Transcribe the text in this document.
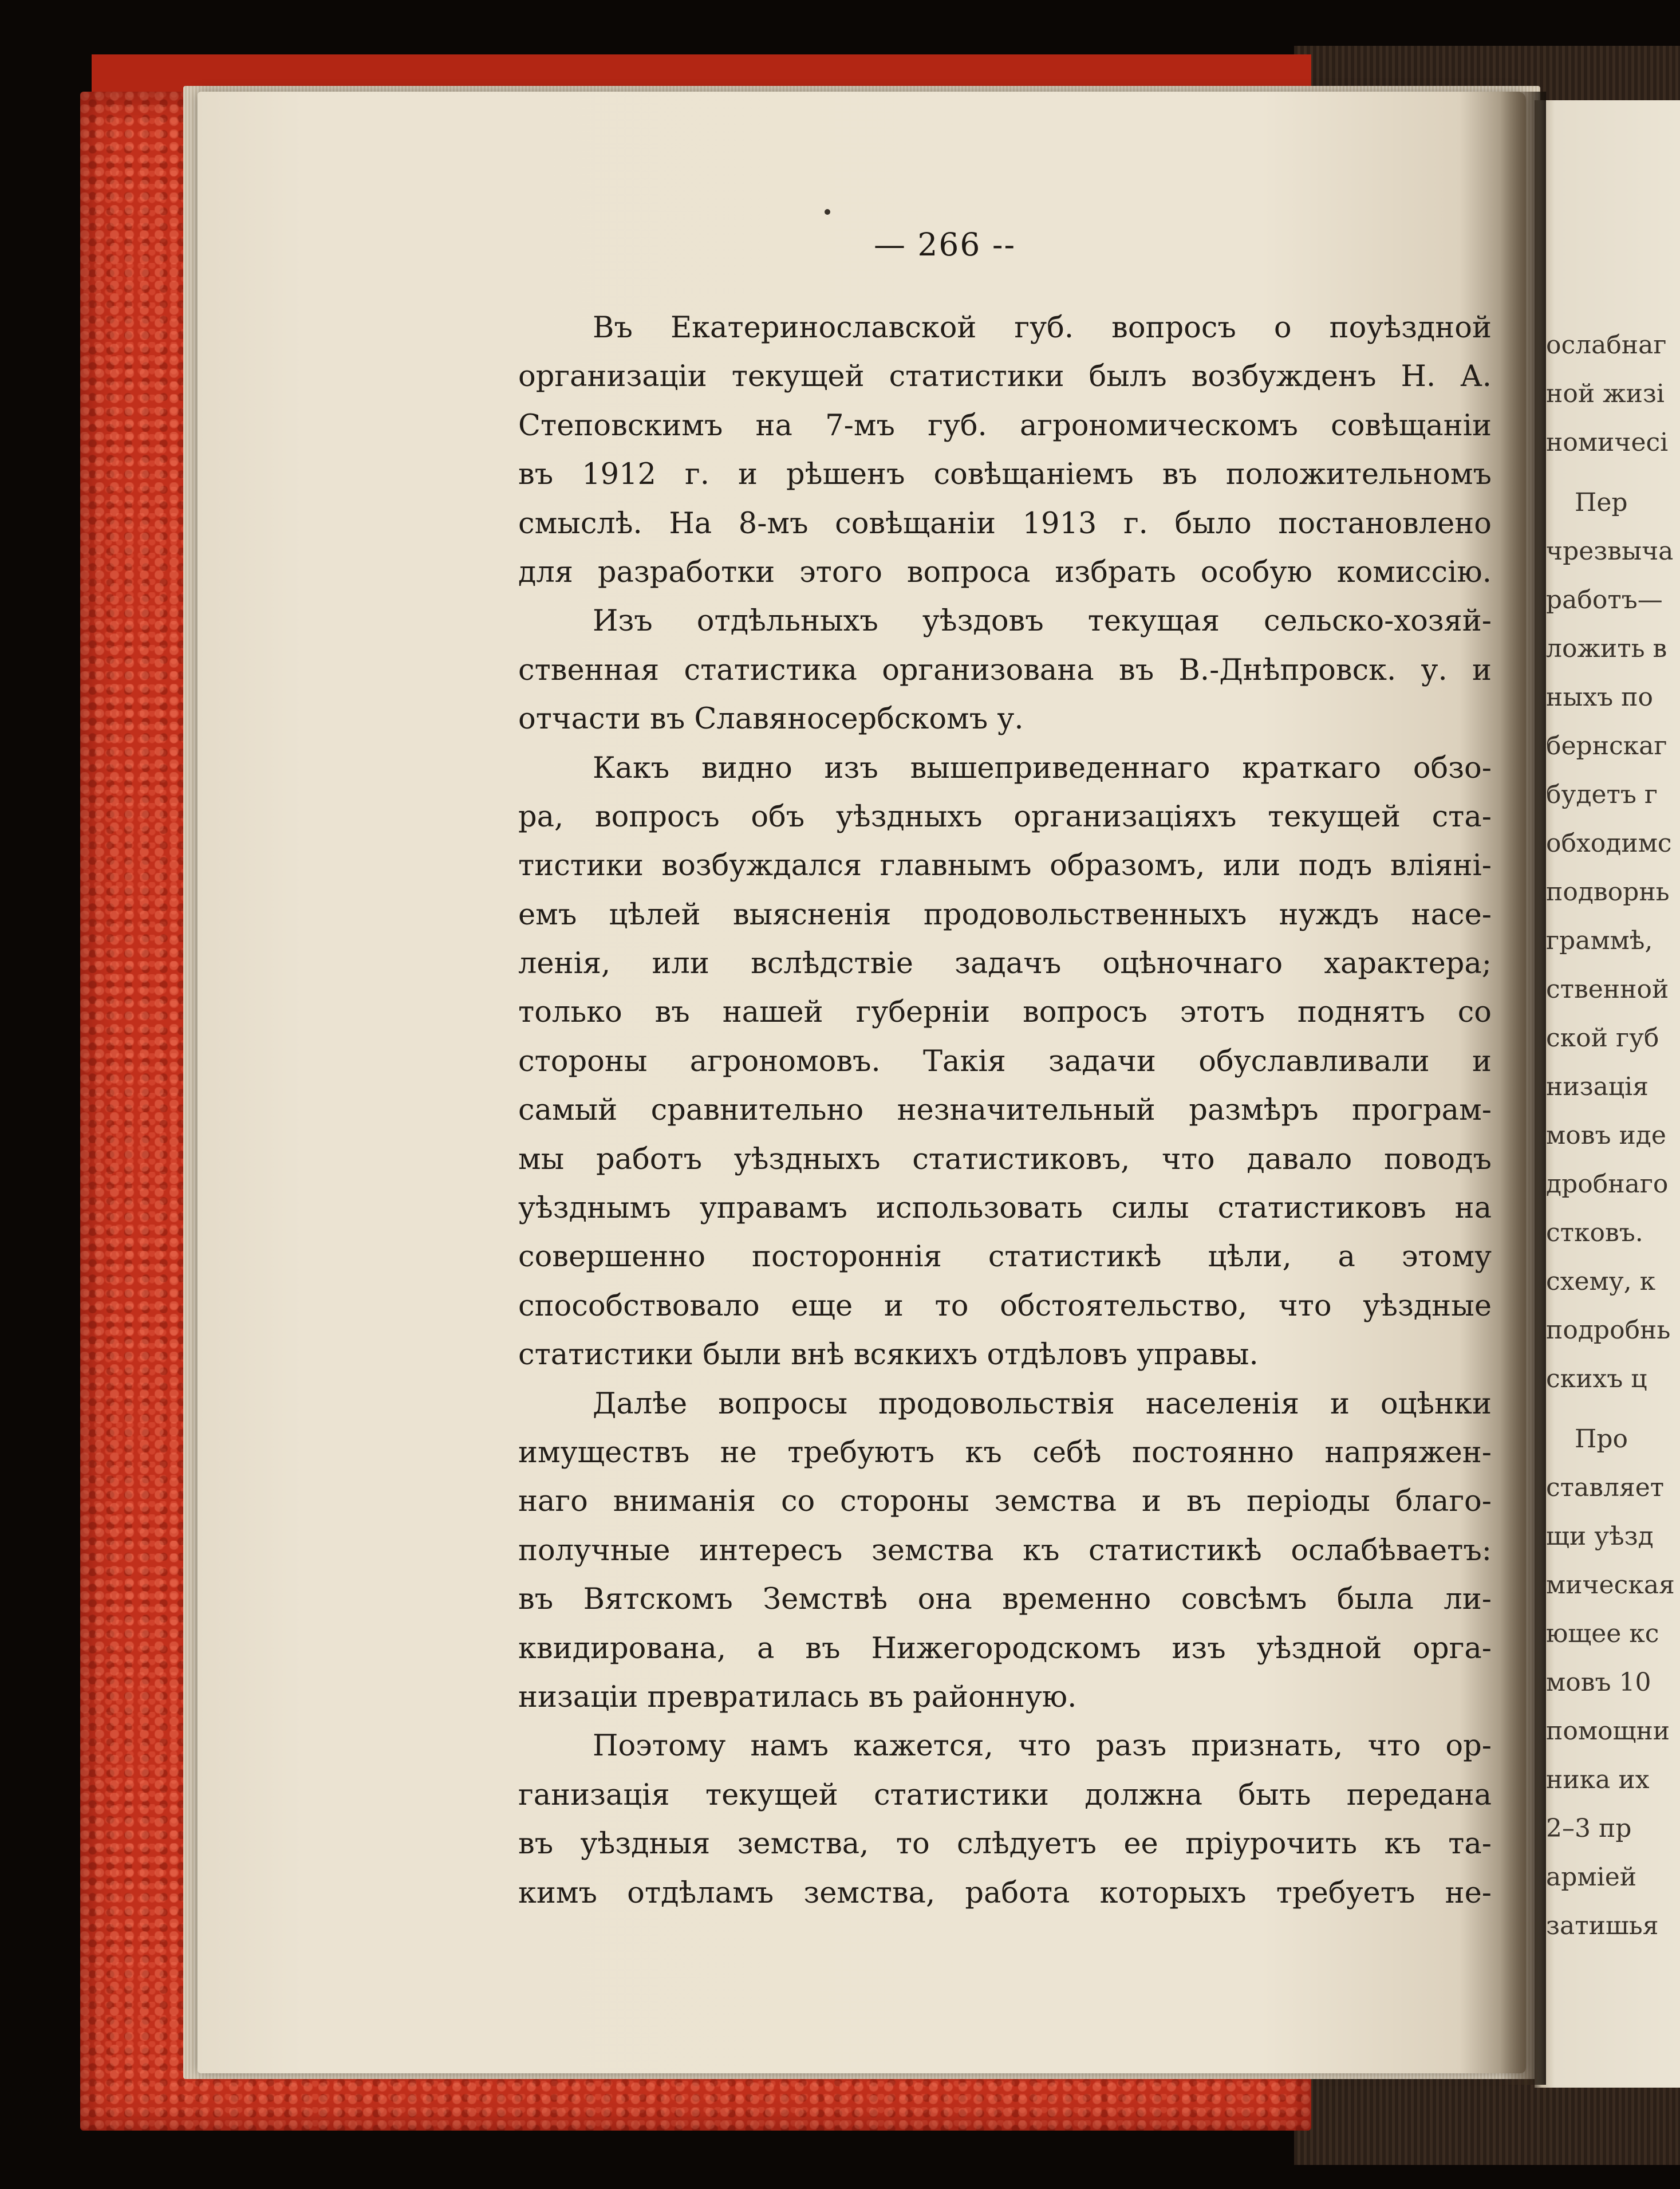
— 266 --
Въ Екатеринославской губ. вопросъ о поуѣздной
организаціи текущей статистики былъ возбужденъ Н. А.
Степовскимъ на 7-мъ губ. агрономическомъ совѣщаніи
въ 1912 г. и рѣшенъ совѣщаніемъ въ положительномъ
смыслѣ. На 8-мъ совѣщаніи 1913 г. было постановлено
для разработки этого вопроса избрать особую комиссію.
Изъ отдѣльныхъ уѣздовъ текущая сельско-хозяй-
ственная статистика организована въ В.-Днѣпровск. у. и
отчасти въ Славяносербскомъ у.
Какъ видно изъ вышеприведеннаго краткаго обзо-
ра, вопросъ объ уѣздныхъ организаціяхъ текущей ста-
тистики возбуждался главнымъ образомъ, или подъ вліяні-
емъ цѣлей выясненія продовольственныхъ нуждъ насе-
ленія, или вслѣдствіе задачъ оцѣночнаго характера;
только въ нашей губерніи вопросъ этотъ поднятъ со
стороны агрономовъ. Такія задачи обуславливали и
самый сравнительно незначительный размѣръ програм-
мы работъ уѣздныхъ статистиковъ, что давало поводъ
уѣзднымъ управамъ использовать силы статистиковъ на
совершенно постороннія статистикѣ цѣли, а этому
способствовало еще и то обстоятельство, что уѣздные
статистики были внѣ всякихъ отдѣловъ управы.
Далѣе вопросы продовольствія населенія и оцѣнки
имуществъ не требуютъ къ себѣ постоянно напряжен-
наго вниманія со стороны земства и въ періоды благо-
получные интересъ земства къ статистикѣ ослабѣваетъ:
въ Вятскомъ Земствѣ она временно совсѣмъ была ли-
квидирована, а въ Нижегородскомъ изъ уѣздной орга-
низаціи превратилась въ районную.
Поэтому намъ кажется, что разъ признать, что ор-
ганизація текущей статистики должна быть передана
въ уѣздныя земства, то слѣдуетъ ее пріурочить къ та-
кимъ отдѣламъ земства, работа которыхъ требуетъ не-
ослабнаг
ной жизі
номичесі
Пер
чрезвыча
работъ—
ложить в
ныхъ по
бернскаг
будетъ г
обходимс
подворнь
граммѣ,
ственной
ской губ
низація
мовъ иде
дробнаго
стковъ.
схему, к
подробнь
скихъ ц
Про
ставляет
щи уѣзд
мическая
ющее кс
мовъ 10
помощни
ника их
2–3 пр
арміей
затишья
